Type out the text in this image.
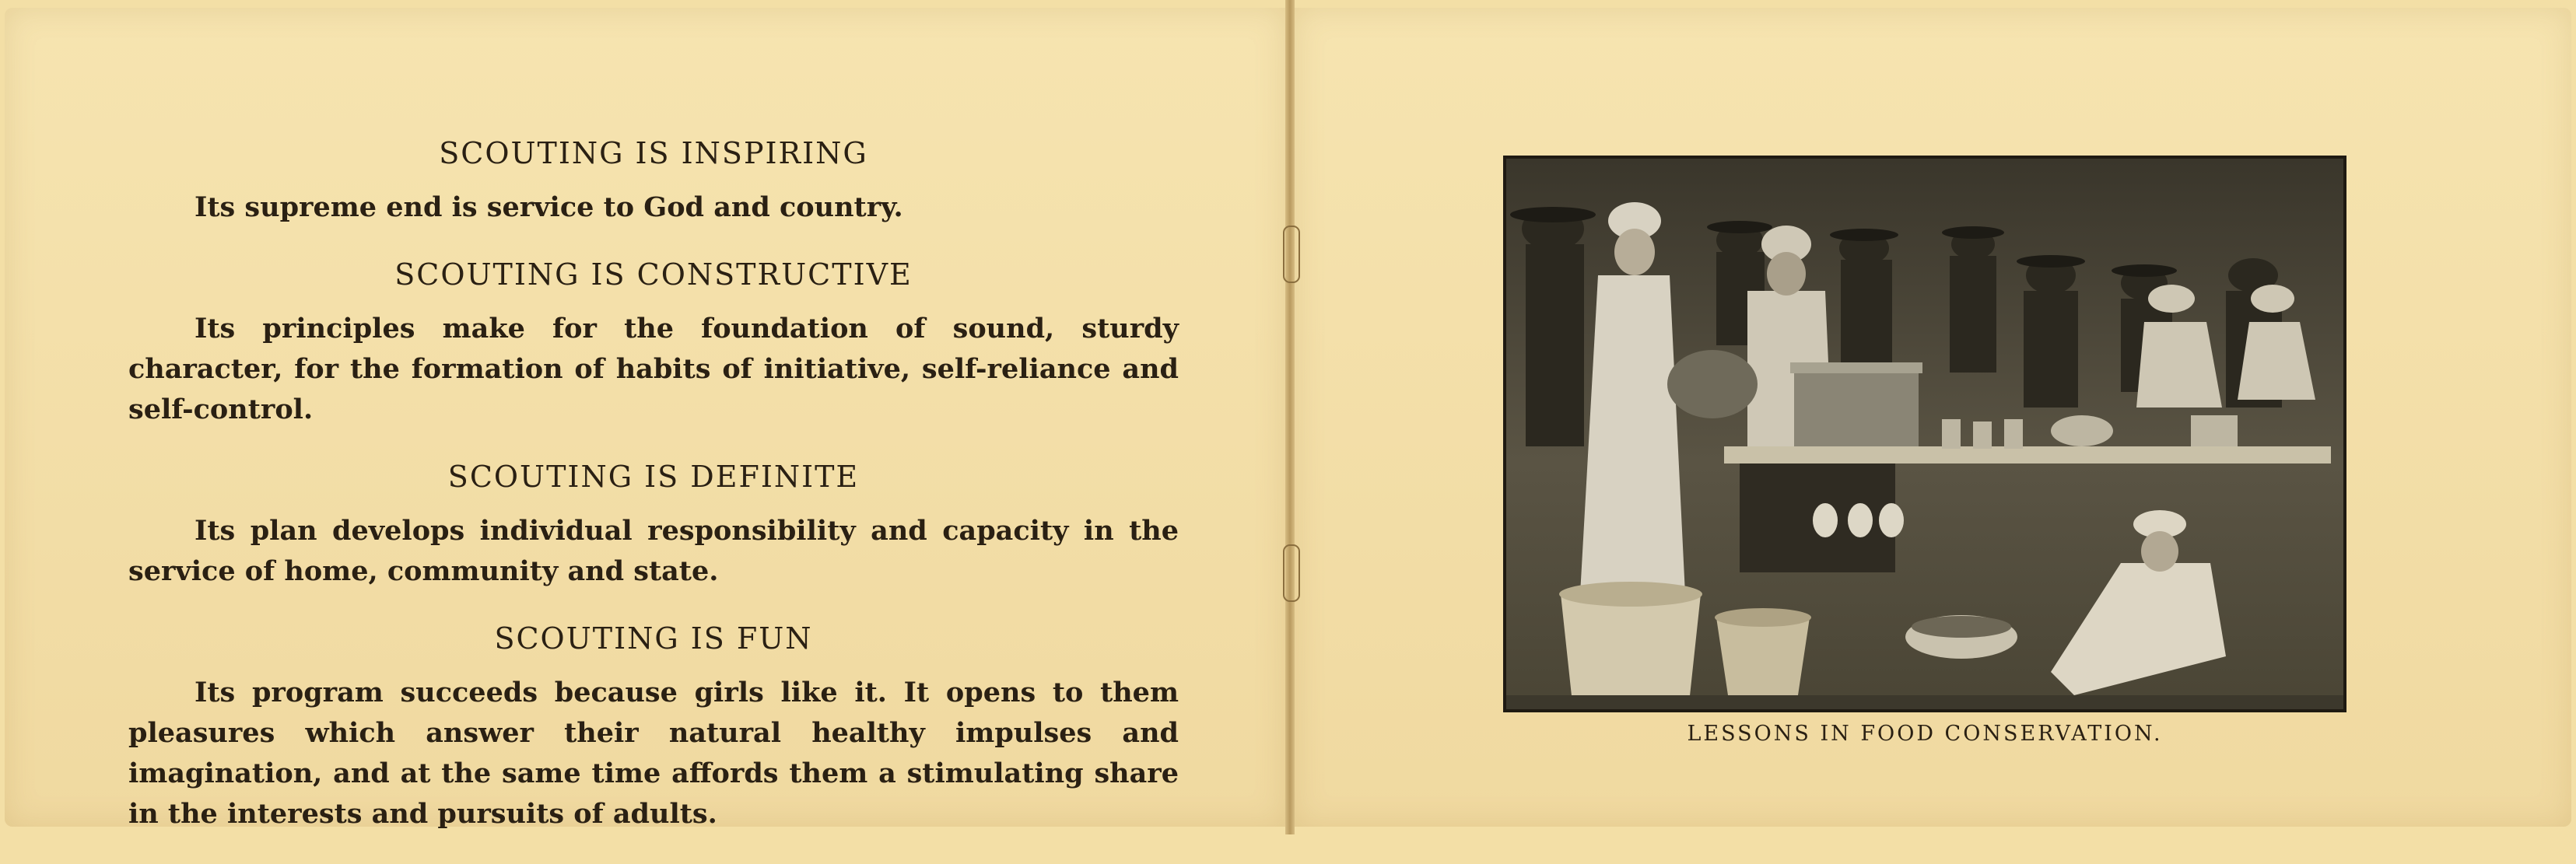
SCOUTING IS INSPIRING

Its supreme end is service to God and country.

SCOUTING IS CONSTRUCTIVE

Its principles make for the foundation of sound, sturdy character, for the formation of habits of initiative, self-reliance and self-control.

SCOUTING IS DEFINITE

Its plan develops individual responsibility and capacity in the service of home, community and state.

SCOUTING IS FUN

Its program succeeds because girls like it. It opens to them pleasures which answer their natural healthy impulses and imagination, and at the same time affords them a stimulating share in the interests and pursuits of adults.

LESSONS IN FOOD CONSERVATION.
